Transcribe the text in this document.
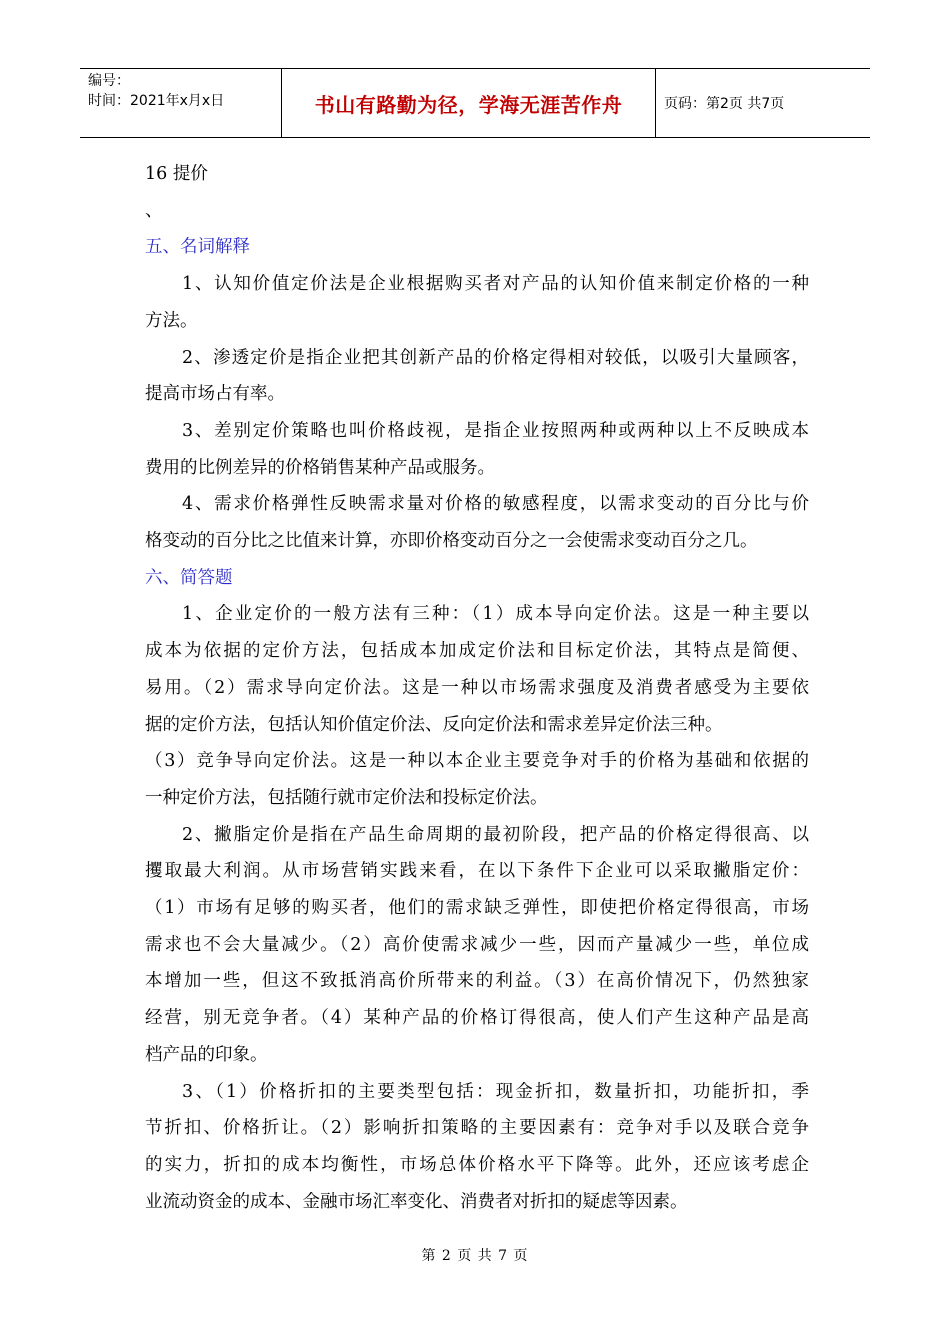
编号：
时间：2021年x月x日	书山有路勤为径，学海无涯苦作舟	页码：第2页 共7页
16 提价
、
五、名词解释
1、认知价值定价法是企业根据购买者对产品的认知价值来制定价格的一种
方法。
2、渗透定价是指企业把其创新产品的价格定得相对较低，以吸引大量顾客，
提高市场占有率。
3、差别定价策略也叫价格歧视，是指企业按照两种或两种以上不反映成本
费用的比例差异的价格销售某种产品或服务。
4、需求价格弹性反映需求量对价格的敏感程度，以需求变动的百分比与价
格变动的百分比之比值来计算，亦即价格变动百分之一会使需求变动百分之几。
六、简答题
1、企业定价的一般方法有三种：（1）成本导向定价法。这是一种主要以
成本为依据的定价方法，包括成本加成定价法和目标定价法，其特点是简便、
易用。（2）需求导向定价法。这是一种以市场需求强度及消费者感受为主要依
据的定价方法，包括认知价值定价法、反向定价法和需求差异定价法三种。
（3）竞争导向定价法。这是一种以本企业主要竞争对手的价格为基础和依据的
一种定价方法，包括随行就市定价法和投标定价法。
2、撇脂定价是指在产品生命周期的最初阶段，把产品的价格定得很高、以
攫取最大利润。从市场营销实践来看，在以下条件下企业可以采取撇脂定价：
（1）市场有足够的购买者，他们的需求缺乏弹性，即使把价格定得很高，市场
需求也不会大量减少。（2）高价使需求减少一些，因而产量减少一些，单位成
本增加一些，但这不致抵消高价所带来的利益。（3）在高价情况下，仍然独家
经营，别无竞争者。（4）某种产品的价格订得很高，使人们产生这种产品是高
档产品的印象。
3、（1）价格折扣的主要类型包括：现金折扣，数量折扣，功能折扣，季
节折扣、价格折让。（2）影响折扣策略的主要因素有：竞争对手以及联合竞争
的实力，折扣的成本均衡性，市场总体价格水平下降等。此外，还应该考虑企
业流动资金的成本、金融市场汇率变化、消费者对折扣的疑虑等因素。
第 2 页 共 7 页
